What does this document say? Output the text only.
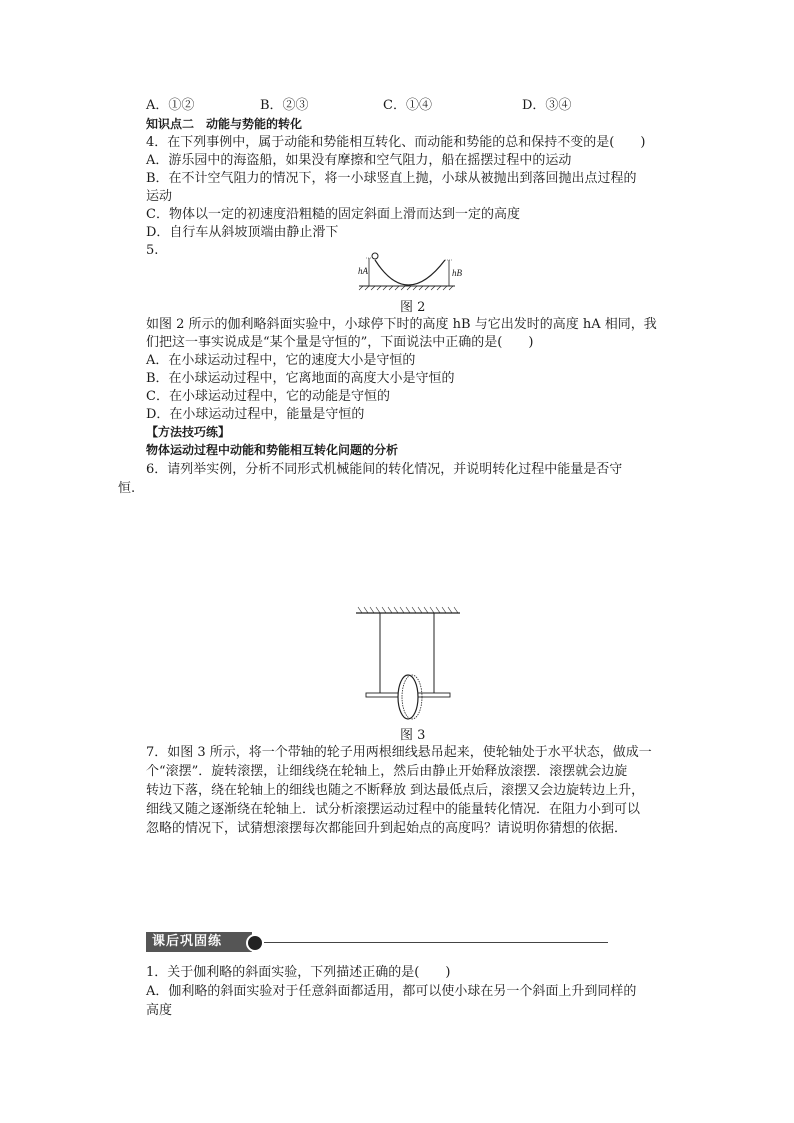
A．①②	B．②③	C．①④	D．③④
知识点二　动能与势能的转化
4．在下列事例中，属于动能和势能相互转化、而动能和势能的总和保持不变的是(　　)
A．游乐园中的海盗船，如果没有摩擦和空气阻力，船在摇摆过程中的运动
B．在不计空气阻力的情况下，将一小球竖直上抛，小球从被抛出到落回抛出点过程的
运动
C．物体以一定的初速度沿粗糙的固定斜面上滑而达到一定的高度
D．自行车从斜坡顶端由静止滑下
5.
hA	hB
图 2
如图 2 所示的伽利略斜面实验中，小球停下时的高度 hB 与它出发时的高度 hA 相同，我
们把这一事实说成是“某个量是守恒的”，下面说法中正确的是(　　)
A．在小球运动过程中，它的速度大小是守恒的
B．在小球运动过程中，它离地面的高度大小是守恒的
C．在小球运动过程中，它的动能是守恒的
D．在小球运动过程中，能量是守恒的
【方法技巧练】
物体运动过程中动能和势能相互转化问题的分析
6．请列举实例，分析不同形式机械能间的转化情况，并说明转化过程中能量是否守
恒.
图 3
7．如图 3 所示，将一个带轴的轮子用两根细线悬吊起来，使轮轴处于水平状态，做成一
个“滚摆”．旋转滚摆，让细线绕在轮轴上，然后由静止开始释放滚摆．滚摆就会边旋
转边下落，绕在轮轴上的细线也随之不断释放 到达最低点后，滚摆又会边旋转边上升，
细线又随之逐渐绕在轮轴上．试分析滚摆运动过程中的能量转化情况．在阻力小到可以
忽略的情况下，试猜想滚摆每次都能回升到起始点的高度吗？请说明你猜想的依据．
课后巩固练
1．关于伽利略的斜面实验，下列描述正确的是(　　)
A．伽利略的斜面实验对于任意斜面都适用，都可以使小球在另一个斜面上升到同样的
高度
